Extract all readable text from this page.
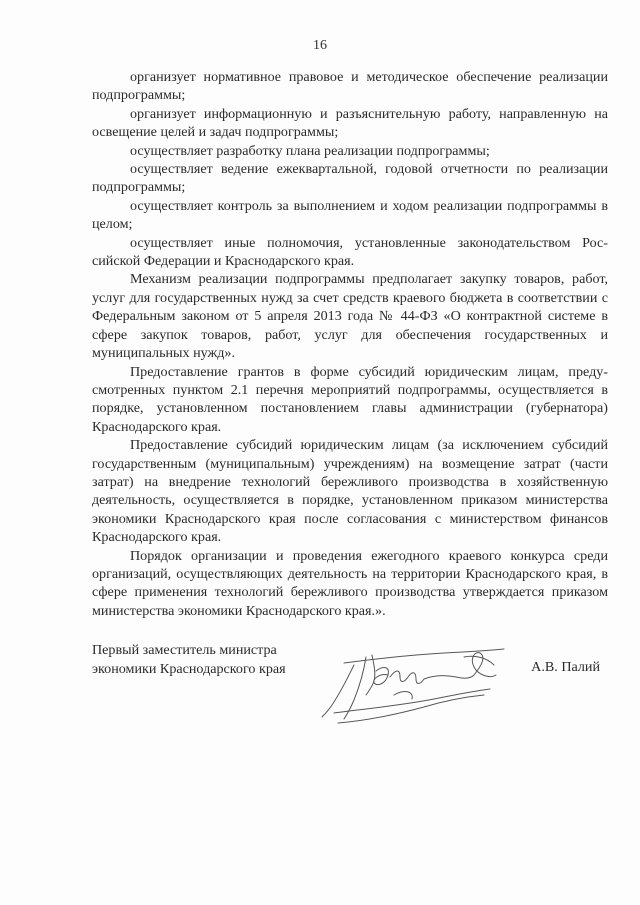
16

организует нормативное правовое и методическое обеспечение реализации подпрограммы;

организует информационную и разъяснительную работу, направленную на освещение целей и задач подпрограммы;

осуществляет разработку плана реализации подпрограммы;

осуществляет ведение ежеквартальной, годовой отчетности по реализации подпрограммы;

осуществляет контроль за выполнением и ходом реализации подпрограммы в целом;

осуществляет иные полномочия, установленные законодательством Российской Федерации и Краснодарского края.

Механизм реализации подпрограммы предполагает закупку товаров, работ, услуг для государственных нужд за счет средств краевого бюджета в соответствии с Федеральным законом от 5 апреля 2013 года № 44-ФЗ «О контрактной системе в сфере закупок товаров, работ, услуг для обеспечения государственных и муниципальных нужд».

Предоставление грантов в форме субсидий юридическим лицам, предусмотренных пунктом 2.1 перечня мероприятий подпрограммы, осуществляется в порядке, установленном постановлением главы администрации (губернатора) Краснодарского края.

Предоставление субсидий юридическим лицам (за исключением субсидий государственным (муниципальным) учреждениям) на возмещение затрат (части затрат) на внедрение технологий бережливого производства в хозяйственную деятельность, осуществляется в порядке, установленном приказом министерства экономики Краснодарского края после согласования с министерством финансов Краснодарского края.

Порядок организации и проведения ежегодного краевого конкурса среди организаций, осуществляющих деятельность на территории Краснодарского края, в сфере применения технологий бережливого производства утверждается приказом министерства экономики Краснодарского края.».

Первый заместитель министра
экономики Краснодарского края	А.В. Палий
